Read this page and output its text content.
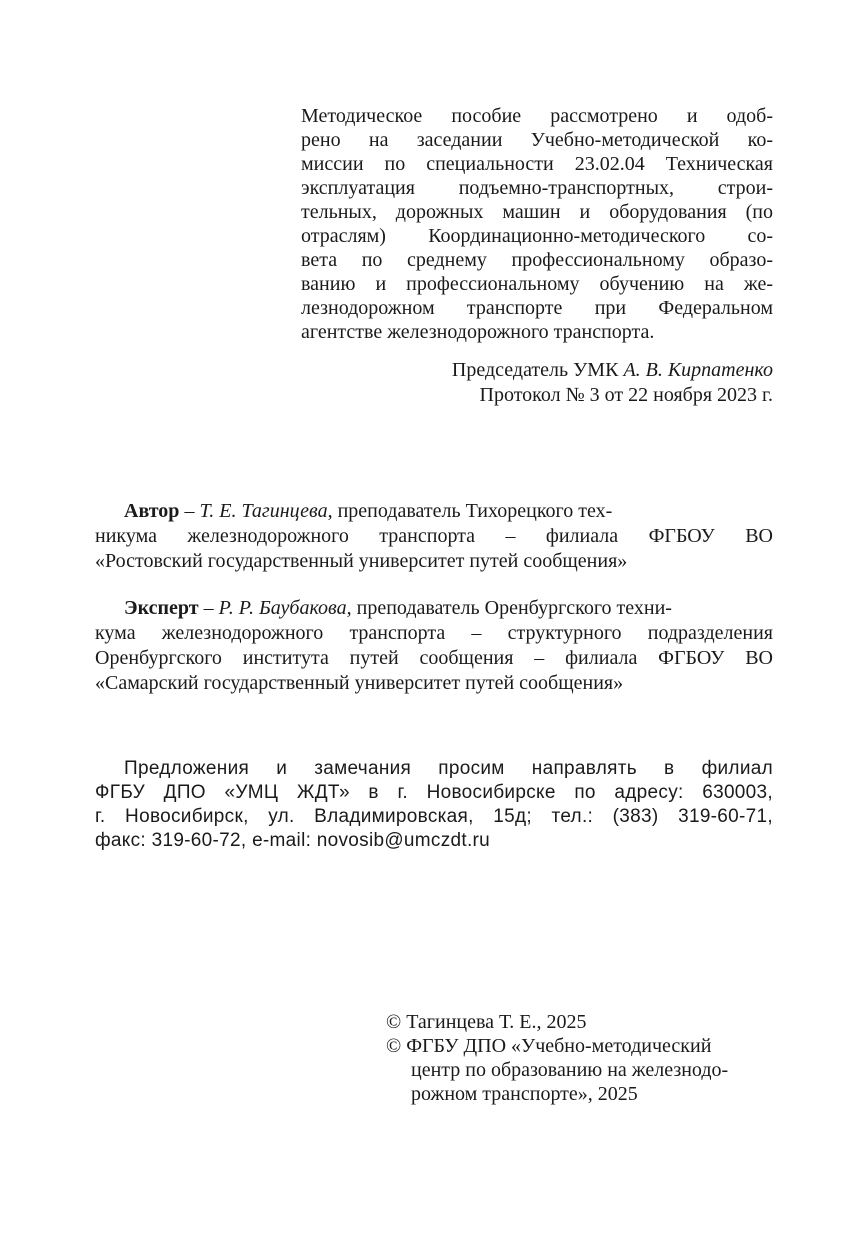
Методическое пособие рассмотрено и одоб-
рено на заседании Учебно-методической ко-
миссии по специальности 23.02.04 Техническая
эксплуатация подъемно-транспортных, строи-
тельных, дорожных машин и оборудования (по
отраслям) Координационно-методического со-
вета по среднему профессиональному образо-
ванию и профессиональному обучению на же-
лезнодорожном транспорте при Федеральном
агентстве железнодорожного транспорта.
Председатель УМК А. В. Кирпатенко
Протокол № 3 от 22 ноября 2023 г.
Автор – Т. Е. Тагинцева, преподаватель Тихорецкого тех-
никума железнодорожного транспорта – филиала ФГБОУ ВО
«Ростовский государственный университет путей сообщения»
Эксперт – Р. Р. Баубакова, преподаватель Оренбургского техни-
кума железнодорожного транспорта – структурного подразделения
Оренбургского института путей сообщения – филиала ФГБОУ ВО
«Самарский государственный университет путей сообщения»
Предложения и замечания просим направлять в филиал
ФГБУ ДПО «УМЦ ЖДТ» в г. Новосибирске по адресу: 630003,
г. Новосибирск, ул. Владимировская, 15д; тел.: (383) 319-60-71,
факс: 319-60-72, e-mail: novosib@umczdt.ru
© Тагинцева Т. Е., 2025
© ФГБУ ДПО «Учебно-методический
центр по образованию на железнодо-
рожном транспорте», 2025
